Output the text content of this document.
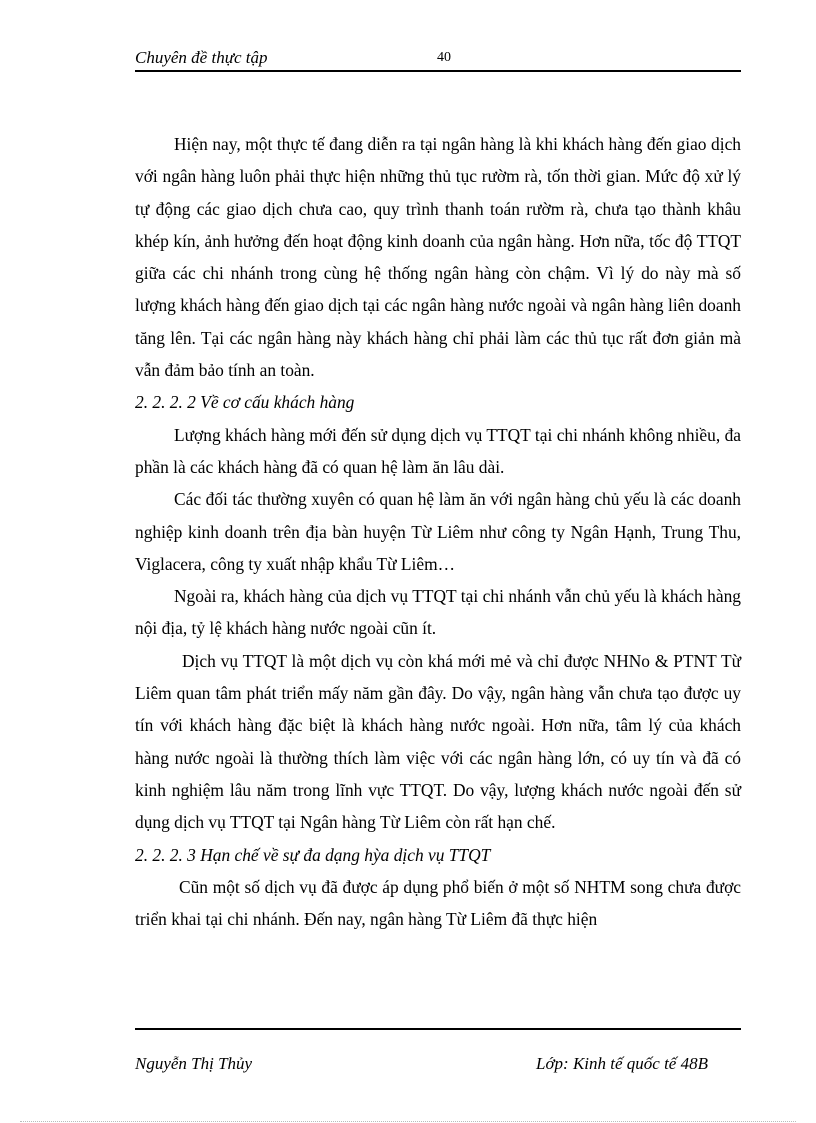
Chuyên đề thực tập	40

Hiện nay, một thực tế đang diễn ra tại ngân hàng là khi khách hàng đến giao dịch với ngân hàng luôn phải thực hiện những thủ tục rườm rà, tốn thời gian. Mức độ xử lý tự động các giao dịch chưa cao, quy trình thanh toán rườm rà, chưa tạo thành khâu khép kín, ảnh hưởng đến hoạt động kinh doanh của ngân hàng. Hơn nữa, tốc độ TTQT giữa các chi nhánh trong cùng hệ thống ngân hàng còn chậm. Vì lý do này mà số lượng khách hàng đến giao dịch tại các ngân hàng nước ngoài và ngân hàng liên doanh tăng lên. Tại các ngân hàng này khách hàng chỉ phải làm các thủ tục rất đơn giản mà vẫn đảm bảo tính an toàn.

2. 2. 2. 2 Về cơ cấu khách hàng

Lượng khách hàng mới đến sử dụng dịch vụ TTQT tại chi nhánh không nhiều, đa phần là các khách hàng đã có quan hệ làm ăn lâu dài.

Các đối tác thường xuyên có quan hệ làm ăn với ngân hàng chủ yếu là các doanh nghiệp kinh doanh trên địa bàn huyện Từ Liêm như công ty Ngân Hạnh, Trung Thu, Viglacera, công ty xuất nhập khẩu Từ Liêm…

Ngoài ra, khách hàng của dịch vụ TTQT tại chi nhánh vẫn chủ yếu là khách hàng nội địa, tỷ lệ khách hàng nước ngoài cũn ít.

Dịch vụ TTQT là một dịch vụ còn khá mới mẻ và chỉ được NHNo & PTNT Từ Liêm quan tâm phát triển mấy năm gần đây. Do vậy, ngân hàng vẫn chưa tạo được uy tín với khách hàng đặc biệt là khách hàng nước ngoài. Hơn nữa, tâm lý của khách hàng nước ngoài là thường thích làm việc với các ngân hàng lớn, có uy tín và đã có kinh nghiệm lâu năm trong lĩnh vực TTQT. Do vậy, lượng khách nước ngoài đến sử dụng dịch vụ TTQT tại Ngân hàng Từ Liêm còn rất hạn chế.

2. 2. 2. 3 Hạn chế về sự đa dạng hỳa dịch vụ TTQT

Cũn một số dịch vụ đã được áp dụng phổ biến ở một số NHTM song chưa được triển khai tại chi nhánh. Đến nay, ngân hàng Từ Liêm đã thực hiện

Nguyễn Thị Thủy	Lớp: Kinh tế quốc tế 48B
